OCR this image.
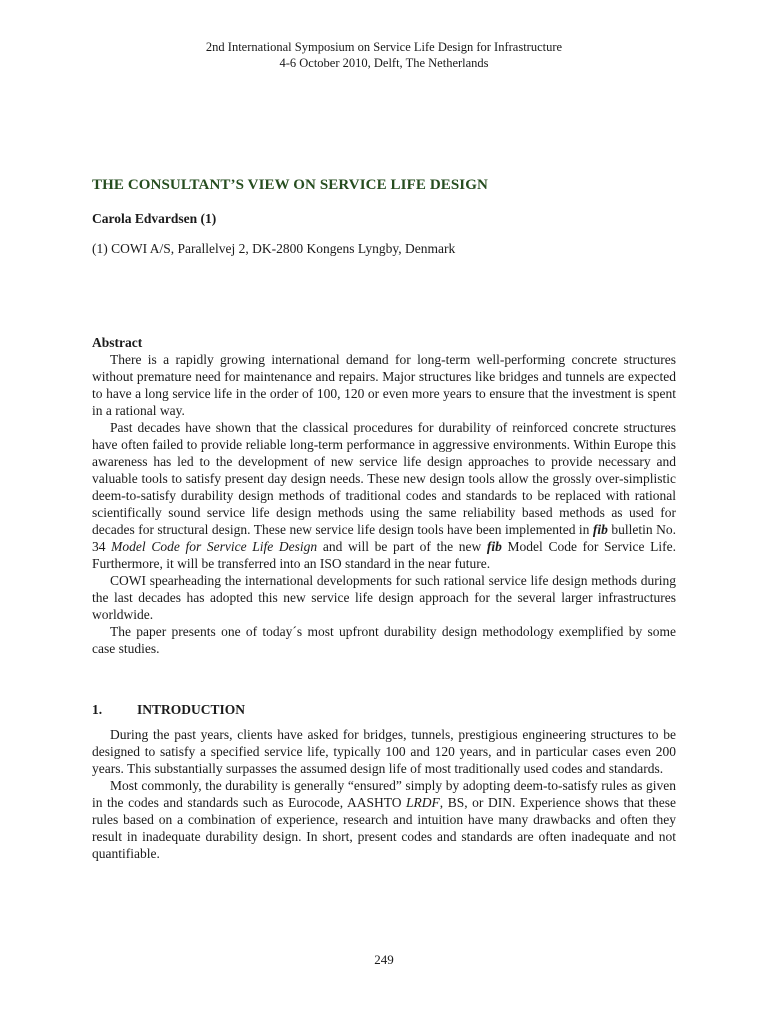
2nd International Symposium on Service Life Design for Infrastructure
4-6 October 2010, Delft, The Netherlands
THE CONSULTANT’S VIEW ON SERVICE LIFE DESIGN
Carola Edvardsen (1)
(1) COWI A/S, Parallelvej 2, DK-2800 Kongens Lyngby, Denmark
Abstract

There is a rapidly growing international demand for long-term well-performing concrete structures without premature need for maintenance and repairs. Major structures like bridges and tunnels are expected to have a long service life in the order of 100, 120 or even more years to ensure that the investment is spent in a rational way.

Past decades have shown that the classical procedures for durability of reinforced concrete structures have often failed to provide reliable long-term performance in aggressive environments. Within Europe this awareness has led to the development of new service life design approaches to provide necessary and valuable tools to satisfy present day design needs. These new design tools allow the grossly over-simplistic deem-to-satisfy durability design methods of traditional codes and standards to be replaced with rational scientifically sound service life design methods using the same reliability based methods as used for decades for structural design. These new service life design tools have been implemented in fib bulletin No. 34 Model Code for Service Life Design and will be part of the new fib Model Code for Service Life. Furthermore, it will be transferred into an ISO standard in the near future.

COWI spearheading the international developments for such rational service life design methods during the last decades has adopted this new service life design approach for the several larger infrastructures worldwide.

The paper presents one of today´s most upfront durability design methodology exemplified by some case studies.

1.	INTRODUCTION

During the past years, clients have asked for bridges, tunnels, prestigious engineering structures to be designed to satisfy a specified service life, typically 100 and 120 years, and in particular cases even 200 years. This substantially surpasses the assumed design life of most traditionally used codes and standards.

Most commonly, the durability is generally “ensured” simply by adopting deem-to-satisfy rules as given in the codes and standards such as Eurocode, AASHTO LRDF, BS, or DIN. Experience shows that these rules based on a combination of experience, research and intuition have many drawbacks and often they result in inadequate durability design. In short, present codes and standards are often inadequate and not quantifiable.

249
